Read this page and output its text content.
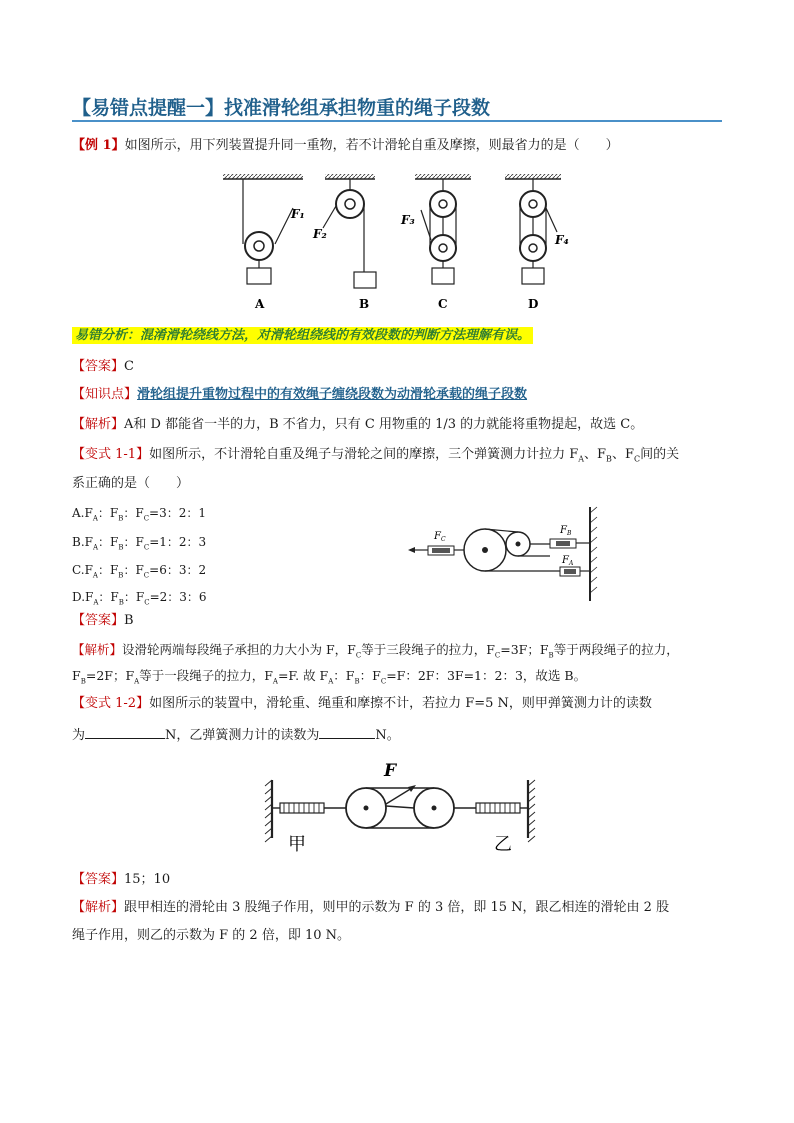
【易错点提醒一】找准滑轮组承担物重的绳子段数
【例 1】如图所示，用下列装置提升同一重物，若不计滑轮自重及摩擦，则最省力的是（　　）
F₁
A
F₂
B
F₃
C
F₄
D
易错分析：混淆滑轮绕线方法，对滑轮组绕线的有效段数的判断方法理解有误。
【答案】C
【知识点】滑轮组提升重物过程中的有效绳子缠绕段数为动滑轮承载的绳子段数
【解析】A和 D 都能省一半的力，B 不省力，只有 C 用物重的 1/3 的力就能将重物提起，故选 C。
【变式 1-1】如图所示，不计滑轮自重及绳子与滑轮之间的摩擦，三个弹簧测力计拉力 $F_A$、$F_B$、$F_C$间的关
系正确的是（　　）
$A.F_A$：$F_B$：$F_C=3$：2：1
$B.F_A$：$F_B$：$F_C=1$：2：3
$C.F_A$：$F_B$：$F_C=6$：3：2
$D.F_A$：$F_B$：$F_C=2$：3：6
$F_C$
$F_B$
$F_A$
【答案】B
【解析】设滑轮两端每段绳子承担的力大小为 F，$F_C$等于三段绳子的拉力，$F_C=3F$；$F_B$等于两段绳子的拉力，
$F_B=2F$；$F_A$等于一段绳子的拉力，$F_A=F$. 故 $F_A$：$F_B$：$F_C=F$：2F：3F=1：2：3，故选 B。
【变式 1-2】如图所示的装置中，滑轮重、绳重和摩擦不计，若拉力 F=5 N，则甲弹簧测力计的读数
为	N，乙弹簧测力计的读数为	N。
F
甲	乙
【答案】15；10
【解析】跟甲相连的滑轮由 3 股绳子作用，则甲的示数为 F 的 3 倍，即 15 N，跟乙相连的滑轮由 2 股
绳子作用，则乙的示数为 F 的 2 倍，即 10 N。
